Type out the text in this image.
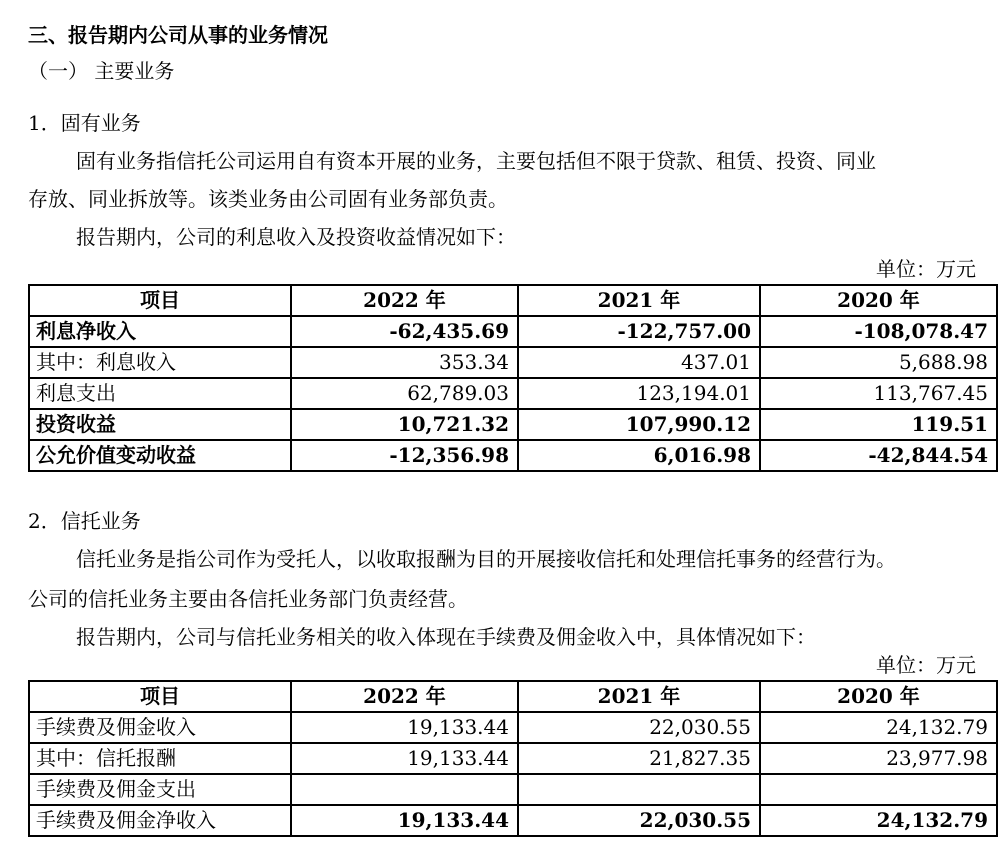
三、报告期内公司从事的业务情况
（一） 主要业务
1．固有业务
固有业务指信托公司运用自有资本开展的业务，主要包括但不限于贷款、租赁、投资、同业
存放、同业拆放等。该类业务由公司固有业务部负责。
报告期内，公司的利息收入及投资收益情况如下：
单位：万元
项目	2022 年	2021 年	2020 年
利息净收入	-62,435.69	-122,757.00	-108,078.47
其中：利息收入	353.34	437.01	5,688.98
利息支出	62,789.03	123,194.01	113,767.45
投资收益	10,721.32	107,990.12	119.51
公允价值变动收益	-12,356.98	6,016.98	-42,844.54
2．信托业务
信托业务是指公司作为受托人，以收取报酬为目的开展接收信托和处理信托事务的经营行为。
公司的信托业务主要由各信托业务部门负责经营。
报告期内，公司与信托业务相关的收入体现在手续费及佣金收入中，具体情况如下：
单位：万元
项目	2022 年	2021 年	2020 年
手续费及佣金收入	19,133.44	22,030.55	24,132.79
其中：信托报酬	19,133.44	21,827.35	23,977.98
手续费及佣金支出			
手续费及佣金净收入	19,133.44	22,030.55	24,132.79
